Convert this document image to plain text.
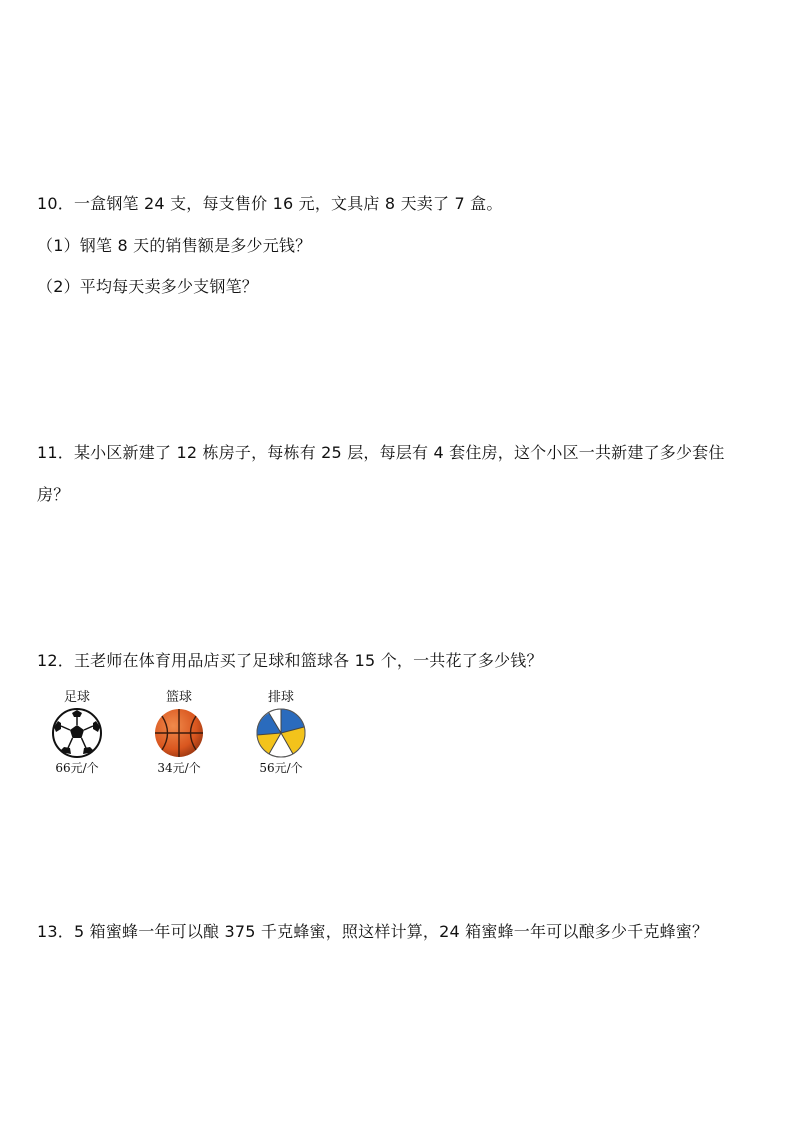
10．一盒钢笔 24 支，每支售价 16 元，文具店 8 天卖了 7 盒。
（1）钢笔 8 天的销售额是多少元钱？
（2）平均每天卖多少支钢笔？
11．某小区新建了 12 栋房子，每栋有 25 层，每层有 4 套住房，这个小区一共新建了多少套住
房？
12．王老师在体育用品店买了足球和篮球各 15 个，一共花了多少钱？
足球
66元/个
篮球
34元/个
排球
56元/个
13．5 箱蜜蜂一年可以酿 375 千克蜂蜜，照这样计算，24 箱蜜蜂一年可以酿多少千克蜂蜜？
